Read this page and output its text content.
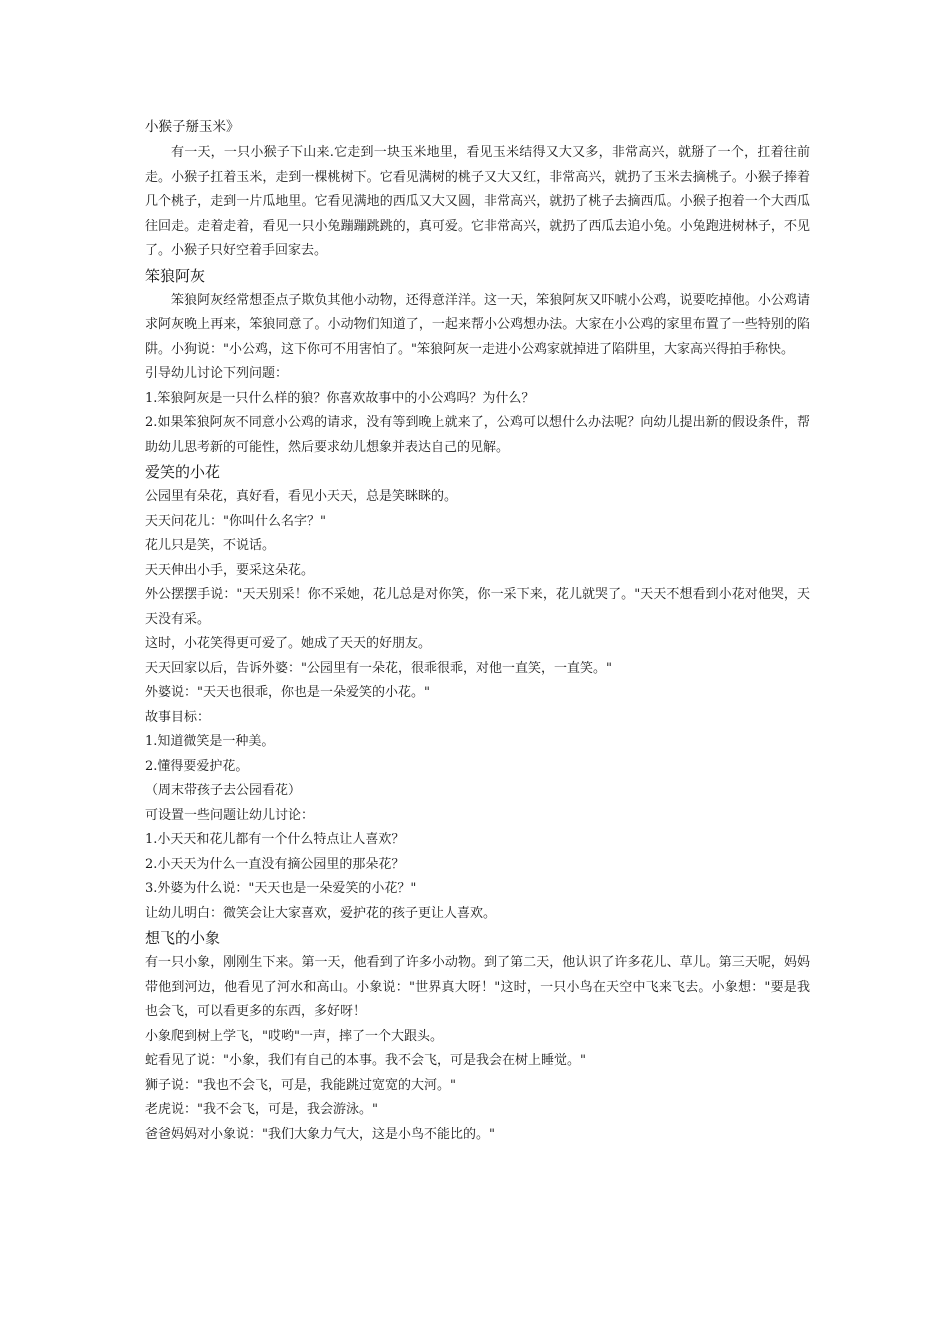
小猴子掰玉米》

有一天，一只小猴子下山来.它走到一块玉米地里，看见玉米结得又大又多，非常高兴，就掰了一个，扛着往前走。小猴子扛着玉米，走到一棵桃树下。它看见满树的桃子又大又红，非常高兴，就扔了玉米去摘桃子。小猴子捧着几个桃子，走到一片瓜地里。它看见满地的西瓜又大又圆，非常高兴，就扔了桃子去摘西瓜。小猴子抱着一个大西瓜往回走。走着走着，看见一只小兔蹦蹦跳跳的，真可爱。它非常高兴，就扔了西瓜去追小兔。小兔跑进树林子，不见了。小猴子只好空着手回家去。

笨狼阿灰

笨狼阿灰经常想歪点子欺负其他小动物，还得意洋洋。这一天，笨狼阿灰又吓唬小公鸡，说要吃掉他。小公鸡请求阿灰晚上再来，笨狼同意了。小动物们知道了，一起来帮小公鸡想办法。大家在小公鸡的家里布置了一些特别的陷阱。小狗说："小公鸡，这下你可不用害怕了。"笨狼阿灰一走进小公鸡家就掉进了陷阱里，大家高兴得拍手称快。

引导幼儿讨论下列问题：

1.笨狼阿灰是一只什么样的狼？你喜欢故事中的小公鸡吗？为什么？

2.如果笨狼阿灰不同意小公鸡的请求，没有等到晚上就来了，公鸡可以想什么办法呢？向幼儿提出新的假设条件，帮助幼儿思考新的可能性，然后要求幼儿想象并表达自己的见解。

爱笑的小花

公园里有朵花，真好看，看见小天天，总是笑眯眯的。

天天问花儿："你叫什么名字？"

花儿只是笑，不说话。

天天伸出小手，要采这朵花。

外公摆摆手说："天天别采！你不采她，花儿总是对你笑，你一采下来，花儿就哭了。"天天不想看到小花对他哭，天天没有采。

这时，小花笑得更可爱了。她成了天天的好朋友。

天天回家以后，告诉外婆："公园里有一朵花，很乖很乖，对他一直笑，一直笑。"

外婆说："天天也很乖，你也是一朵爱笑的小花。"

故事目标：

1.知道微笑是一种美。

2.懂得要爱护花。

（周末带孩子去公园看花）

可设置一些问题让幼儿讨论：

1.小天天和花儿都有一个什么特点让人喜欢？

2.小天天为什么一直没有摘公园里的那朵花？

3.外婆为什么说："天天也是一朵爱笑的小花？"

让幼儿明白：微笑会让大家喜欢，爱护花的孩子更让人喜欢。

想飞的小象

有一只小象，刚刚生下来。第一天，他看到了许多小动物。到了第二天，他认识了许多花儿、草儿。第三天呢，妈妈带他到河边，他看见了河水和高山。小象说："世界真大呀！"这时，一只小鸟在天空中飞来飞去。小象想："要是我也会飞，可以看更多的东西，多好呀！

小象爬到树上学飞，"哎哟"一声，摔了一个大跟头。

蛇看见了说："小象，我们有自己的本事。我不会飞，可是我会在树上睡觉。"

狮子说："我也不会飞，可是，我能跳过宽宽的大河。"

老虎说："我不会飞，可是，我会游泳。"

爸爸妈妈对小象说："我们大象力气大，这是小鸟不能比的。"
